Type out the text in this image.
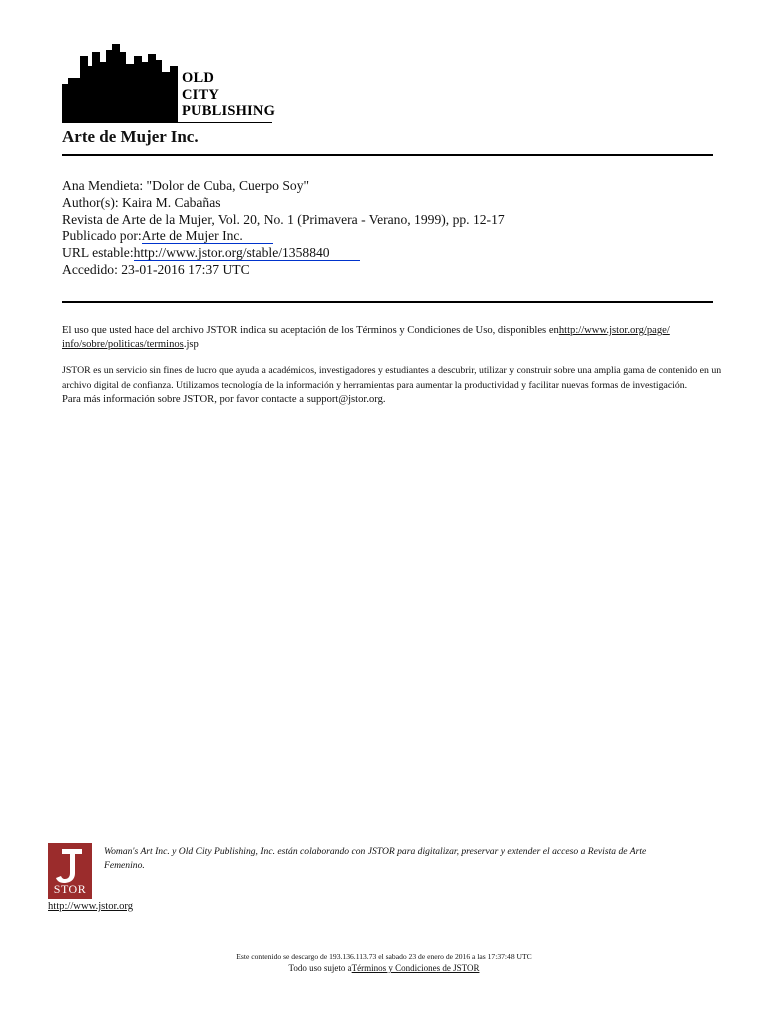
OLD
CITY
PUBLISHING
Arte de Mujer Inc.
Ana Mendieta: "Dolor de Cuba, Cuerpo Soy"
Author(s): Kaira M. Cabañas
Revista de Arte de la Mujer, Vol. 20, No. 1 (Primavera - Verano, 1999), pp. 12-17
Publicado por:Arte de Mujer Inc.
URL estable:http://www.jstor.org/stable/1358840
Accedido: 23-01-2016 17:37 UTC
El uso que usted hace del archivo JSTOR indica su aceptación de los Términos y Condiciones de Uso, disponibles enhttp://www.jstor.org/page/
info/sobre/politicas/terminos.jsp
JSTOR es un servicio sin fines de lucro que ayuda a académicos, investigadores y estudiantes a descubrir, utilizar y construir sobre una amplia gama de contenido en un archivo digital de confianza. Utilizamos tecnología de la información y herramientas para aumentar la productividad y facilitar nuevas formas de investigación.
Para más información sobre JSTOR, por favor contacte a support@jstor.org.
STOR
http://www.jstor.org
Woman's Art Inc. y Old City Publishing, Inc. están colaborando con JSTOR para digitalizar, preservar y extender el acceso a Revista de Arte Femenino.
Este contenido se descargo de 193.136.113.73 el sabado 23 de enero de 2016 a las 17:37:48 UTC
Todo uso sujeto aTérminos y Condiciones de JSTOR
